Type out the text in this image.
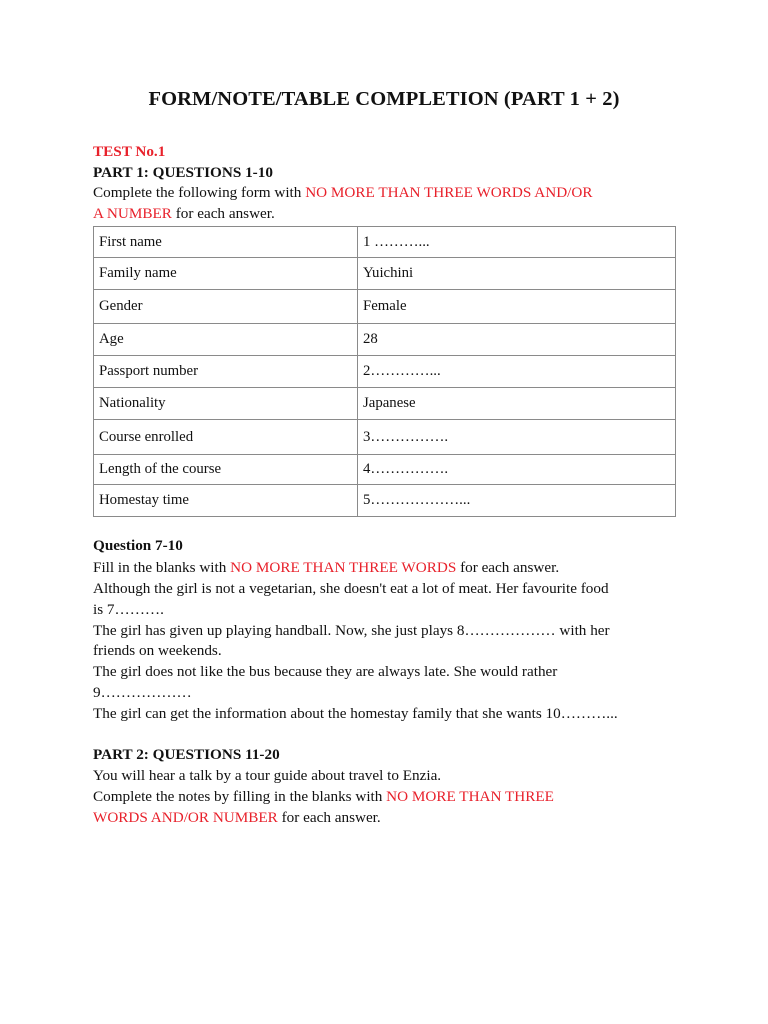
FORM/NOTE/TABLE COMPLETION (PART 1 + 2)
TEST No.1
PART 1: QUESTIONS 1-10
Complete the following form with NO MORE THAN THREE WORDS AND/OR
A NUMBER for each answer.
First name	1 ………...
Family name	Yuichini
Gender	Female
Age	28
Passport number	2…………...
Nationality	Japanese
Course enrolled	3…………….
Length of the course	4…………….
Homestay time	5………………...
Question 7-10
Fill in the blanks with NO MORE THAN THREE WORDS for each answer.
Although the girl is not a vegetarian, she doesn't eat a lot of meat. Her favourite food
is 7……….
The girl has given up playing handball. Now, she just plays 8……………… with her
friends on weekends.
The girl does not like the bus because they are always late. She would rather
9………………
The girl can get the information about the homestay family that she wants 10………...
PART 2: QUESTIONS 11-20
You will hear a talk by a tour guide about travel to Enzia.
Complete the notes by filling in the blanks with NO MORE THAN THREE
WORDS AND/OR NUMBER for each answer.
